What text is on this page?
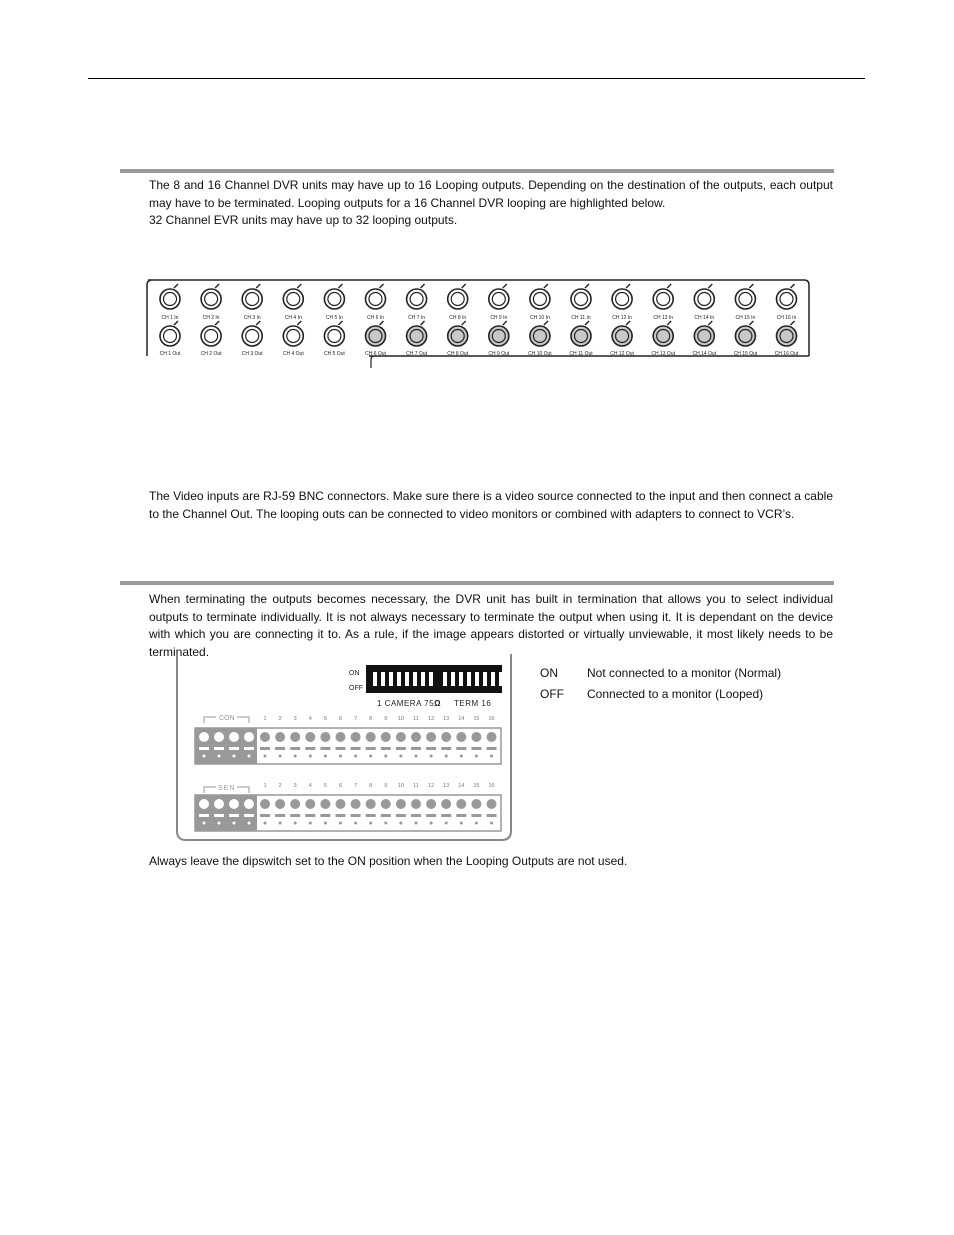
The 8 and 16 Channel DVR units may have up to 16 Looping outputs. Depending on the destination of the outputs, each output may have to be terminated. Looping outputs for a 16 Channel DVR looping are highlighted below.

32 Channel EVR units may have up to 32 looping outputs.

CH 1 In	CH 2 In	CH 3 In	CH 4 In	CH 5 In	CH 6 In	CH 7 In	CH 8 In	CH 9 In	CH 10 In	CH 11 In	CH 12 In	CH 13 In	CH 14 In	CH 15 In	CH 16 In
CH 1 Out	CH 2 Out	CH 3 Out	CH 4 Out	CH 5 Out	CH 6 Out	CH 7 Out	CH 8 Out	CH 9 Out	CH 10 Out	CH 11 Out	CH 12 Out	CH 13 Out	CH 14 Out	CH 15 Out	CH 16 Out

The Video inputs are RJ-59 BNC connectors. Make sure there is a video source connected to the input and then connect a cable to the Channel Out. The looping outs can be connected to video monitors or combined with adapters to connect to VCR’s.

When terminating the outputs becomes necessary, the DVR unit has built in termination that allows you to select individual outputs to terminate individually. It is not always necessary to terminate the output when using it. It is dependant on the device with which you are connecting it to. As a rule, if the image appears distorted or virtually unviewable, it most likely needs to be terminated.

ON
OFF
1 CAMERA 75Ω TERM 16
CON	1 2 3 4 5 6 7 8 9 10 11 12 13 14 15 16
SEN	1 2 3 4 5 6 7 8 9 10 11 12 13 14 15 16
ON Not connected to a monitor (Normal)
OFF Connected to a monitor (Looped)

Always leave the dipswitch set to the ON position when the Looping Outputs are not used.
